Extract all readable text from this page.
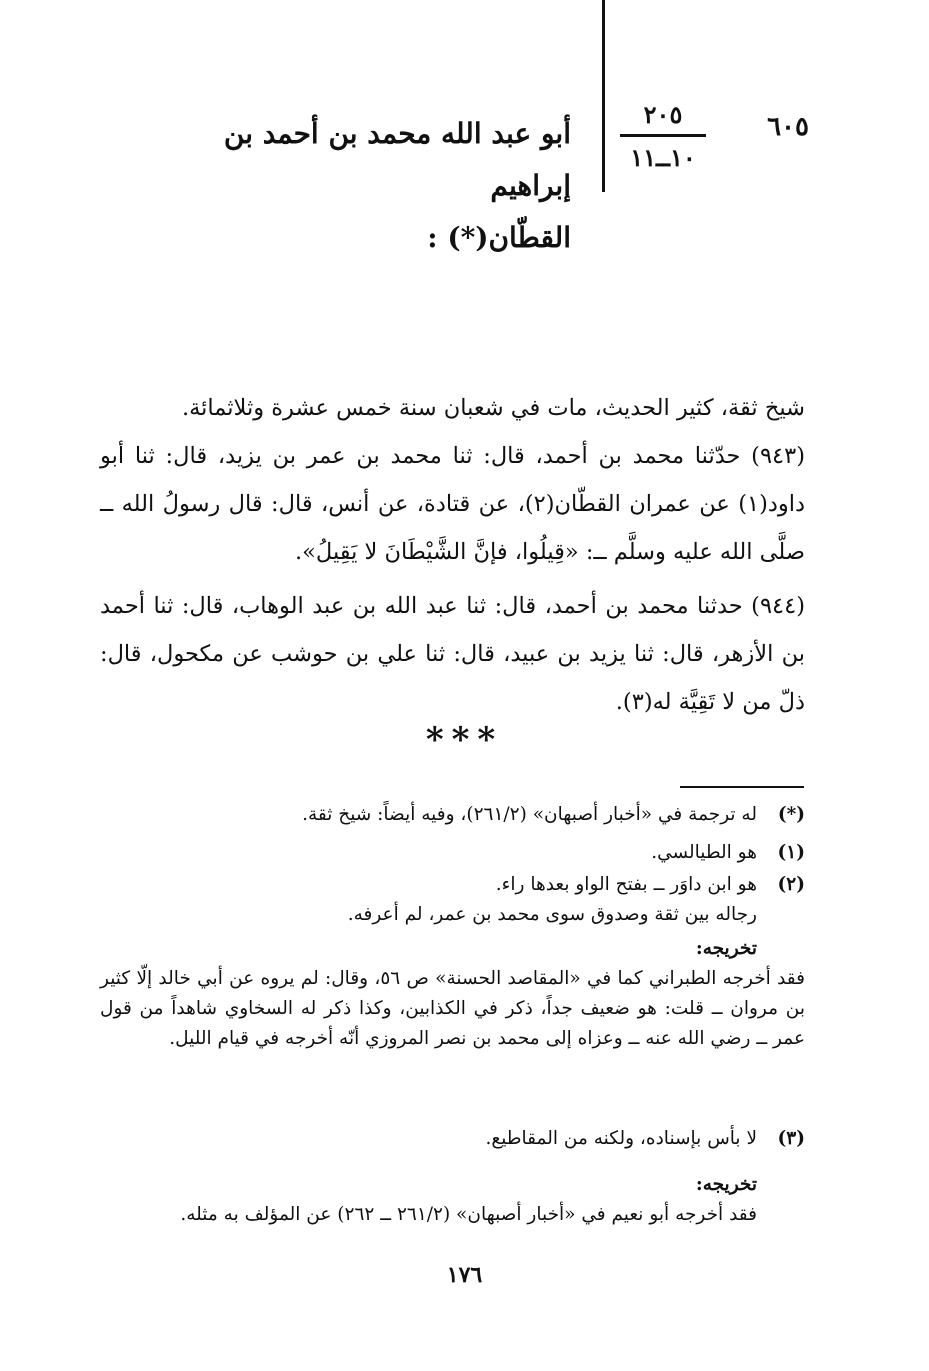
٦٠٥
٢٠٥
١٠ــ١١
أبو عبد الله محمد بن أحمد بن إبراهيم
القطّان(*) :
شيخ ثقة، كثير الحديث، مات في شعبان سنة خمس عشرة وثلاثمائة.
(٩٤٣) حدّثنا محمد بن أحمد، قال: ثنا محمد بن عمر بن يزيد، قال: ثنا أبو داود(١) عن عمران القطّان(٢)، عن قتادة، عن أنس، قال: قال رسولُ الله ــ صلَّى الله عليه وسلَّم ــ: «قِيلُوا، فإنَّ الشَّيْطَانَ لا يَقِيلُ».
(٩٤٤) حدثنا محمد بن أحمد، قال: ثنا عبد الله بن عبد الوهاب، قال: ثنا أحمد بن الأزهر، قال: ثنا يزيد بن عبيد، قال: ثنا علي بن حوشب عن مكحول، قال: ذلّ من لا تَقِيَّة له(٣).
***
(*)
له ترجمة في «أخبار أصبهان» (٢٦١/٢)، وفيه أيضاً: شيخ ثقة.
(١)
هو الطيالسي.
(٢)
هو ابن داوَر ــ بفتح الواو بعدها راء.
رجاله بين ثقة وصدوق سوى محمد بن عمر، لم أعرفه.
تخريجه:
فقد أخرجه الطبراني كما في «المقاصد الحسنة» ص ٥٦، وقال: لم يروه عن أبي خالد إلّا كثير بن مروان ــ قلت: هو ضعيف جداً، ذكر في الكذابين، وكذا ذكر له السخاوي شاهداً من قول عمر ــ رضي الله عنه ــ وعزاه إلى محمد بن نصر المروزي أنّه أخرجه في قيام الليل.
(٣)
لا بأس بإسناده، ولكنه من المقاطيع.
تخريجه:
فقد أخرجه أبو نعيم في «أخبار أصبهان» (٢٦١/٢ ــ ٢٦٢) عن المؤلف به مثله.
١٧٦
